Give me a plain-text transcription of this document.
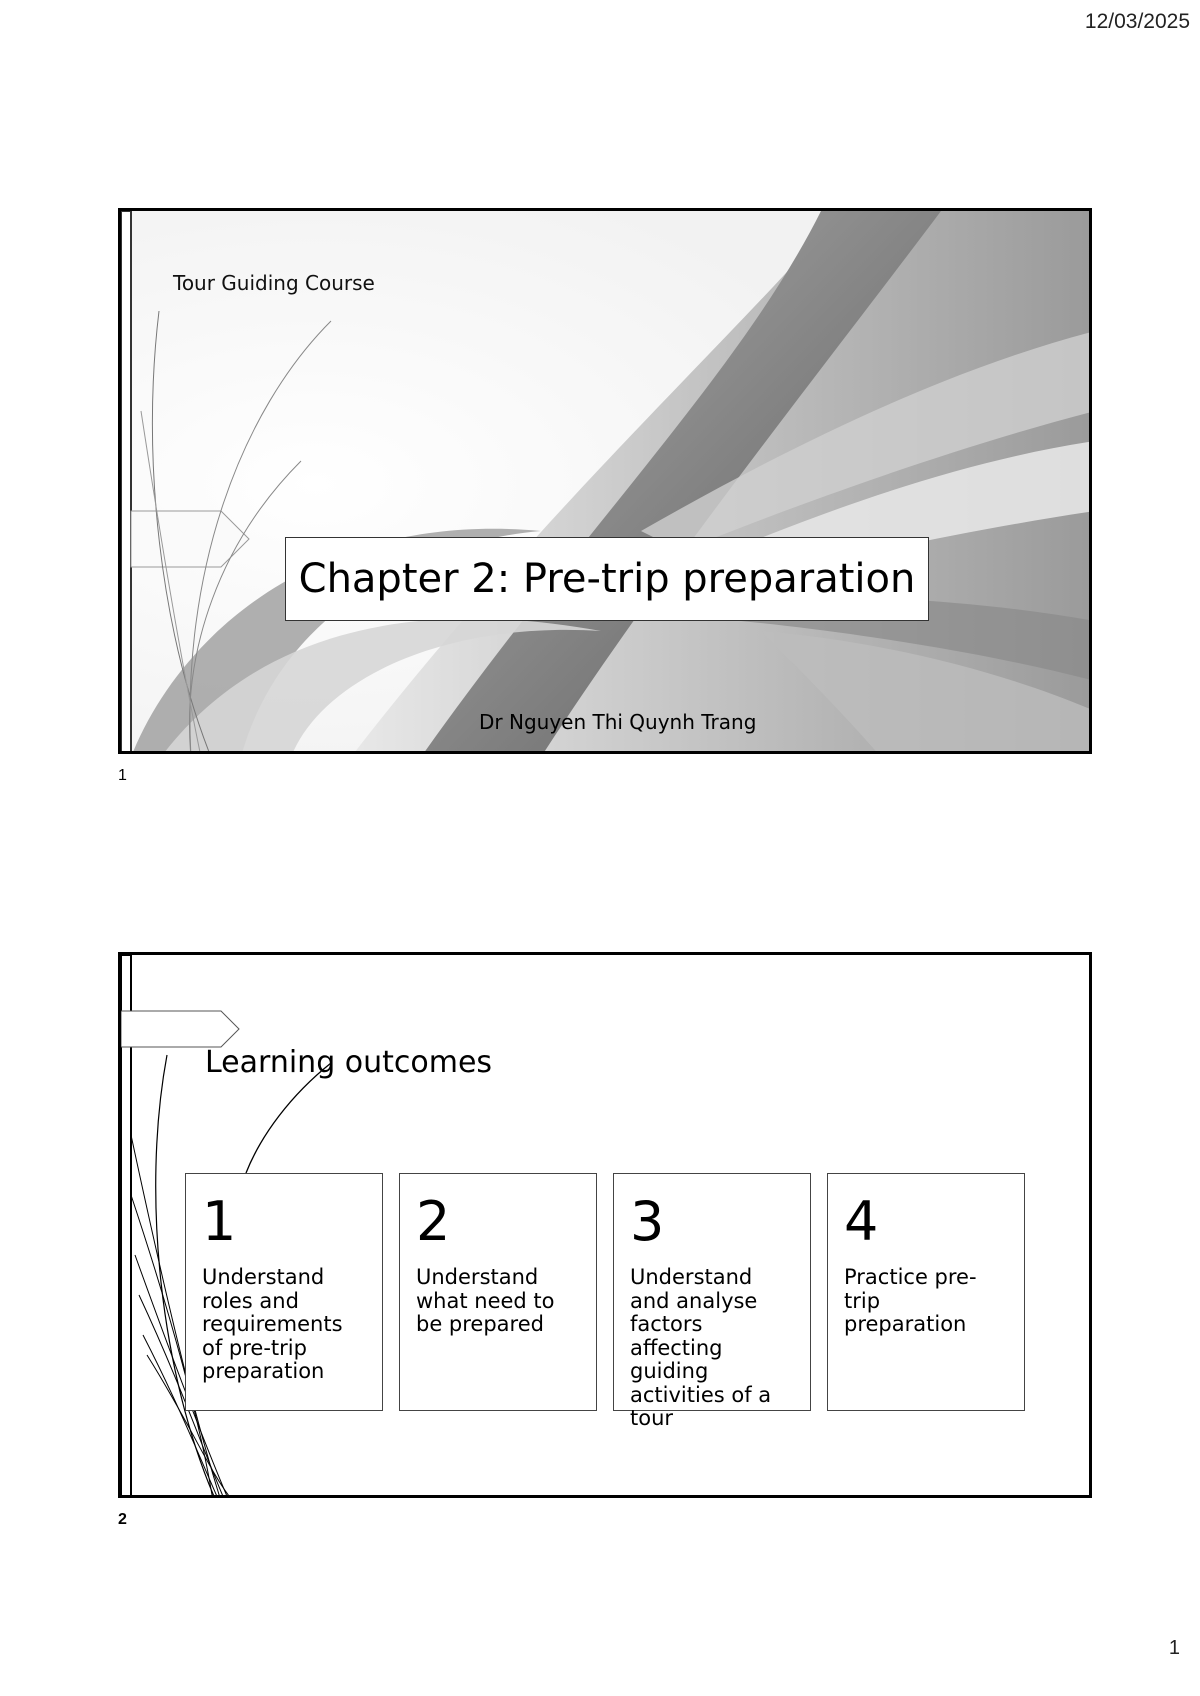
12/03/2025
Tour Guiding Course
Chapter 2: Pre-trip preparation
Dr Nguyen Thi Quynh Trang
1
Learning outcomes
1
Understand roles and requirements of pre-trip preparation
2
Understand what need to be prepared
3
Understand and analyse factors affecting guiding activities of a tour
4
Practice pre-trip preparation
2
1
